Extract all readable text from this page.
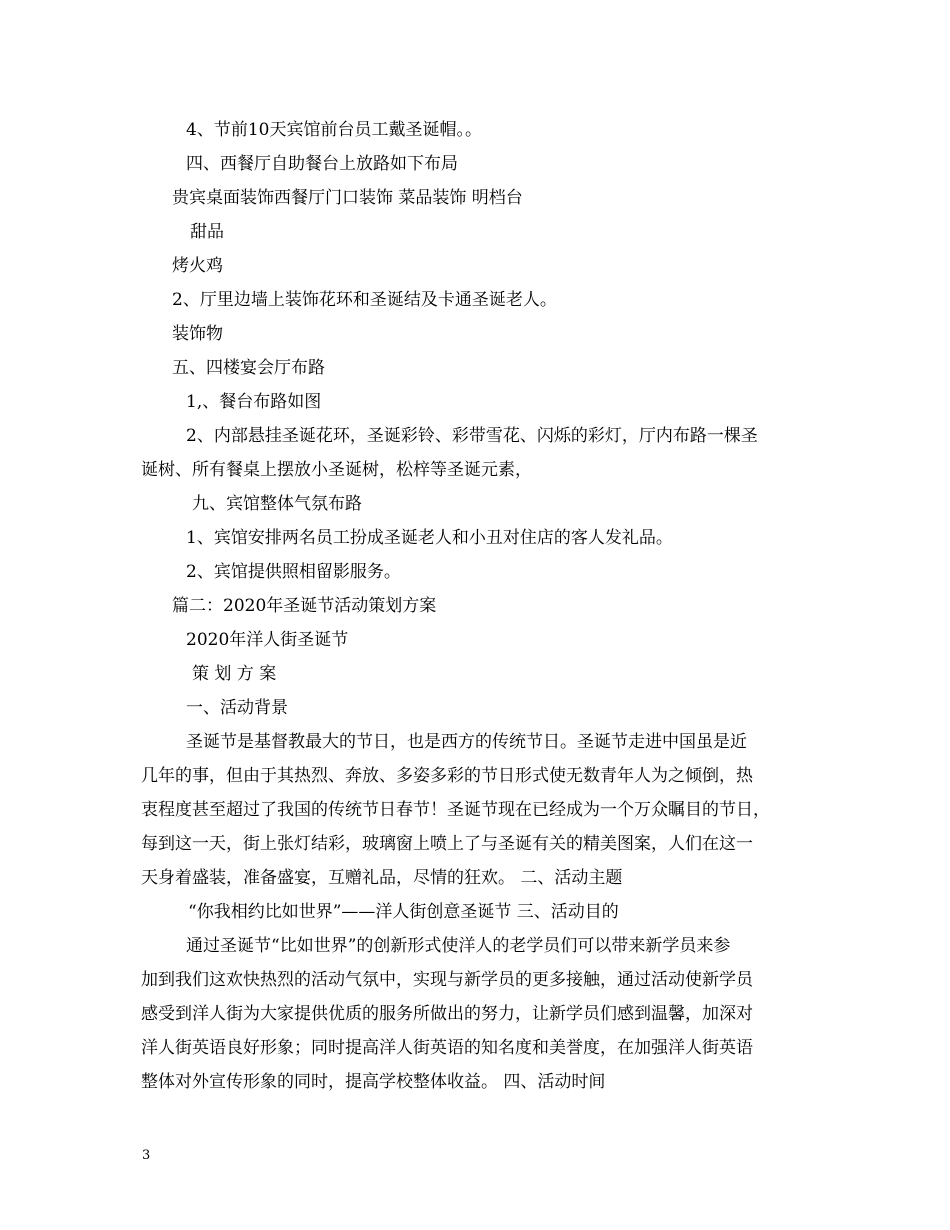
4、节前10天宾馆前台员工戴圣诞帽。。
四、西餐厅自助餐台上放路如下布局
贵宾桌面装饰西餐厅门口装饰 菜品装饰 明档台
甜品
烤火鸡
2、厅里边墙上装饰花环和圣诞结及卡通圣诞老人。
装饰物
五、四楼宴会厅布路
1,、餐台布路如图
2、内部悬挂圣诞花环，圣诞彩铃、彩带雪花、闪烁的彩灯，厅内布路一棵圣
诞树、所有餐桌上摆放小圣诞树，松梓等圣诞元素，
九、宾馆整体气氛布路
1、宾馆安排两名员工扮成圣诞老人和小丑对住店的客人发礼品。
2、宾馆提供照相留影服务。
篇二：2020年圣诞节活动策划方案
2020年洋人街圣诞节
策 划 方 案
一、活动背景
圣诞节是基督教最大的节日，也是西方的传统节日。圣诞节走进中国虽是近
几年的事，但由于其热烈、奔放、多姿多彩的节日形式使无数青年人为之倾倒，热
衷程度甚至超过了我国的传统节日春节！圣诞节现在已经成为一个万众瞩目的节日，
每到这一天，街上张灯结彩，玻璃窗上喷上了与圣诞有关的精美图案，人们在这一
天身着盛装，准备盛宴，互赠礼品，尽情的狂欢。 二、活动主题
“你我相约比如世界”——洋人街创意圣诞节 三、活动目的
通过圣诞节“比如世界”的创新形式使洋人的老学员们可以带来新学员来参
加到我们这欢快热烈的活动气氛中，实现与新学员的更多接触，通过活动使新学员
感受到洋人街为大家提供优质的服务所做出的努力，让新学员们感到温馨，加深对
洋人街英语良好形象；同时提高洋人街英语的知名度和美誉度，在加强洋人街英语
整体对外宣传形象的同时，提高学校整体收益。 四、活动时间
3
